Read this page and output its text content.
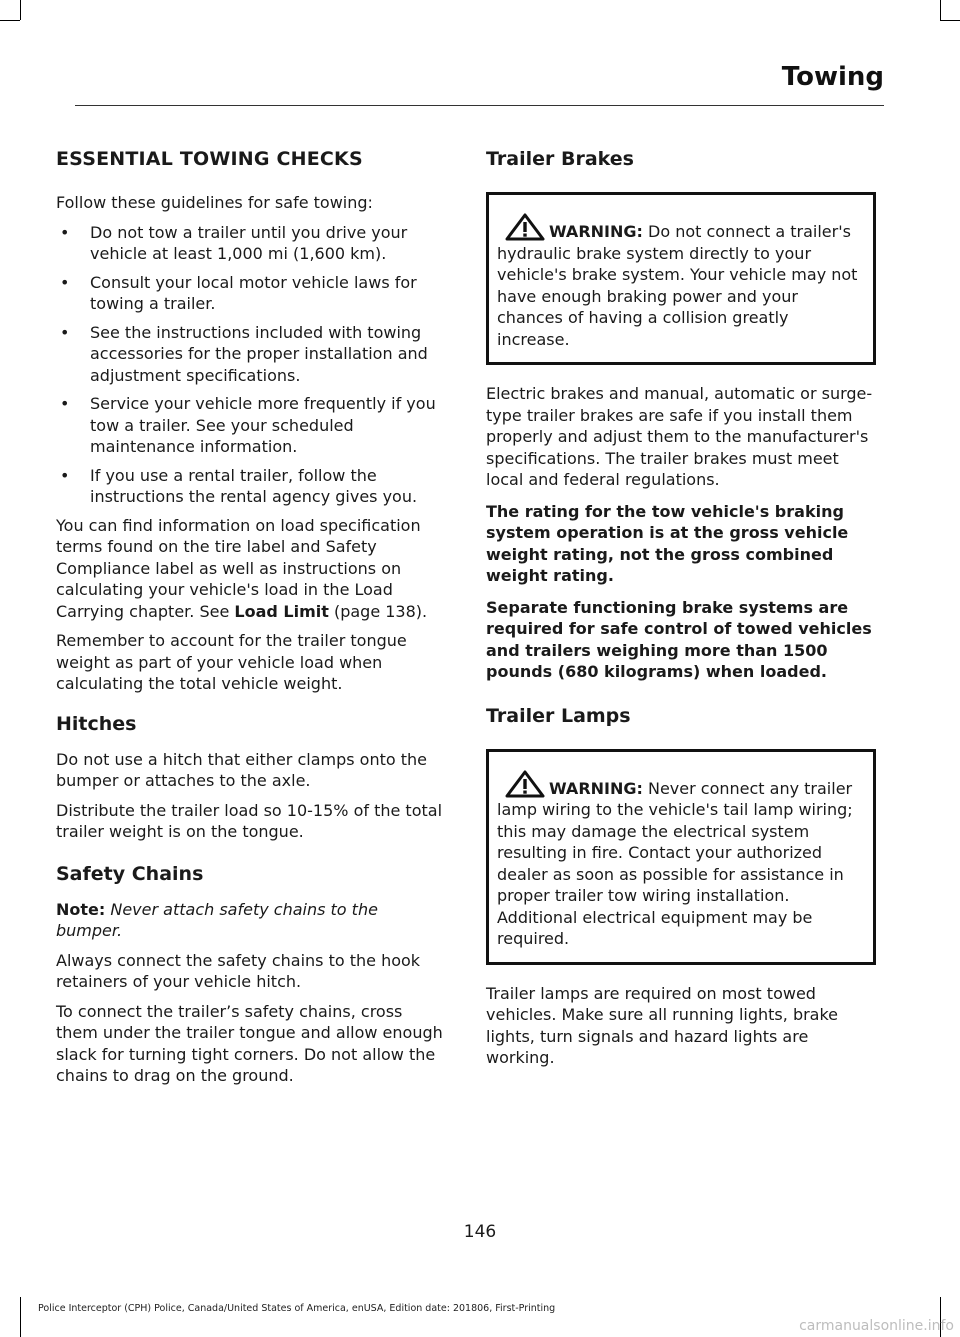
Towing
ESSENTIAL TOWING CHECKS

Follow these guidelines for safe towing:

• Do not tow a trailer until you drive your vehicle at least 1,000 mi (1,600 km).
• Consult your local motor vehicle laws for towing a trailer.
• See the instructions included with towing accessories for the proper installation and adjustment specifications.
• Service your vehicle more frequently if you tow a trailer. See your scheduled maintenance information.
• If you use a rental trailer, follow the instructions the rental agency gives you.

You can find information on load specification terms found on the tire label and Safety Compliance label as well as instructions on calculating your vehicle's load in the Load Carrying chapter. See Load Limit (page 138).

Remember to account for the trailer tongue weight as part of your vehicle load when calculating the total vehicle weight.

Hitches

Do not use a hitch that either clamps onto the bumper or attaches to the axle.

Distribute the trailer load so 10-15% of the total trailer weight is on the tongue.

Safety Chains

Note: Never attach safety chains to the bumper.

Always connect the safety chains to the hook retainers of your vehicle hitch.

To connect the trailer’s safety chains, cross them under the trailer tongue and allow enough slack for turning tight corners. Do not allow the chains to drag on the ground.

Trailer Brakes

WARNING: Do not connect a trailer's hydraulic brake system directly to your vehicle's brake system. Your vehicle may not have enough braking power and your chances of having a collision greatly increase.

Electric brakes and manual, automatic or surge-type trailer brakes are safe if you install them properly and adjust them to the manufacturer's specifications. The trailer brakes must meet local and federal regulations.

The rating for the tow vehicle's braking system operation is at the gross vehicle weight rating, not the gross combined weight rating.

Separate functioning brake systems are required for safe control of towed vehicles and trailers weighing more than 1500 pounds (680 kilograms) when loaded.

Trailer Lamps

WARNING: Never connect any trailer lamp wiring to the vehicle's tail lamp wiring; this may damage the electrical system resulting in fire. Contact your authorized dealer as soon as possible for assistance in proper trailer tow wiring installation. Additional electrical equipment may be required.

Trailer lamps are required on most towed vehicles. Make sure all running lights, brake lights, turn signals and hazard lights are working.

146
Police Interceptor (CPH) Police, Canada/United States of America, enUSA, Edition date: 201806, First-Printing
carmanualsonline.info
